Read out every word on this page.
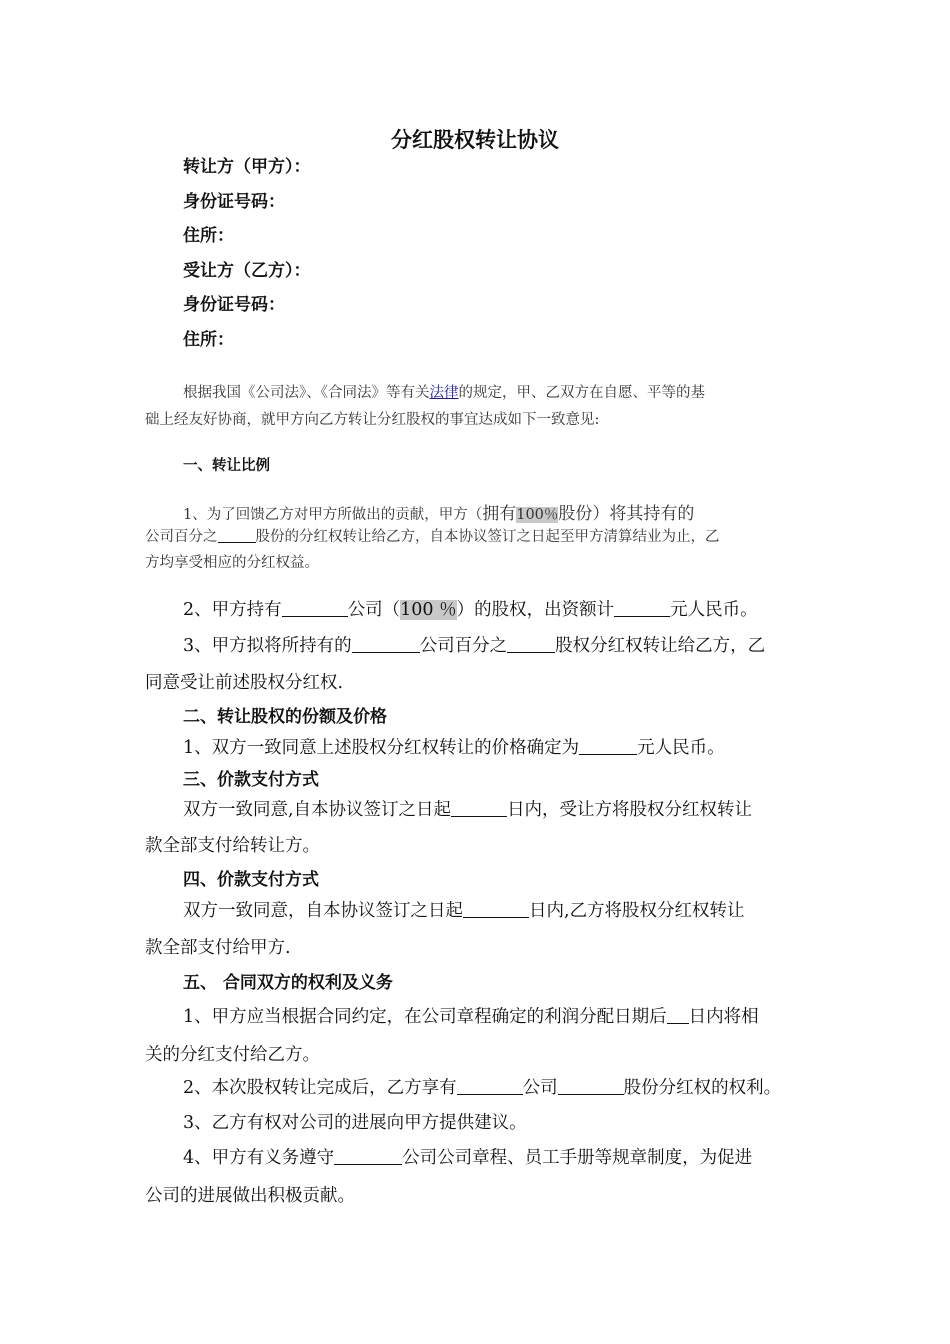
分红股权转让协议
转让方（甲方）：
身份证号码：
住所：
受让方（乙方）：
身份证号码：
住所：
根据我国《公司法》、《合同法》等有关法律的规定，甲、乙双方在自愿、平等的基
础上经友好协商，就甲方向乙方转让分红股权的事宜达成如下一致意见:
一、转让比例
1、为了回馈乙方对甲方所做出的贡献，甲方（拥有100％股份）将其持有的
公司百分之	股份的分红权转让给乙方，自本协议签订之日起至甲方清算结业为止，乙
方均享受相应的分红权益。
2、甲方持有	公司（100 ％）的股权，出资额计	元人民币。
3、甲方拟将所持有的	公司百分之	股权分红权转让给乙方，乙
同意受让前述股权分红权.
二、转让股权的份额及价格
1、双方一致同意上述股权分红权转让的价格确定为	元人民币。
三、价款支付方式
双方一致同意,自本协议签订之日起	日内，受让方将股权分红权转让
款全部支付给转让方。
四、价款支付方式
双方一致同意，自本协议签订之日起	日内,乙方将股权分红权转让
款全部支付给甲方.
五、 合同双方的权利及义务
1、甲方应当根据合同约定，在公司章程确定的利润分配日期后 日内将相
关的分红支付给乙方。
2、本次股权转让完成后，乙方享有	公司	股份分红权的权利。
3、乙方有权对公司的进展向甲方提供建议。
4、甲方有义务遵守	公司公司章程、员工手册等规章制度，为促进
公司的进展做出积极贡献。
